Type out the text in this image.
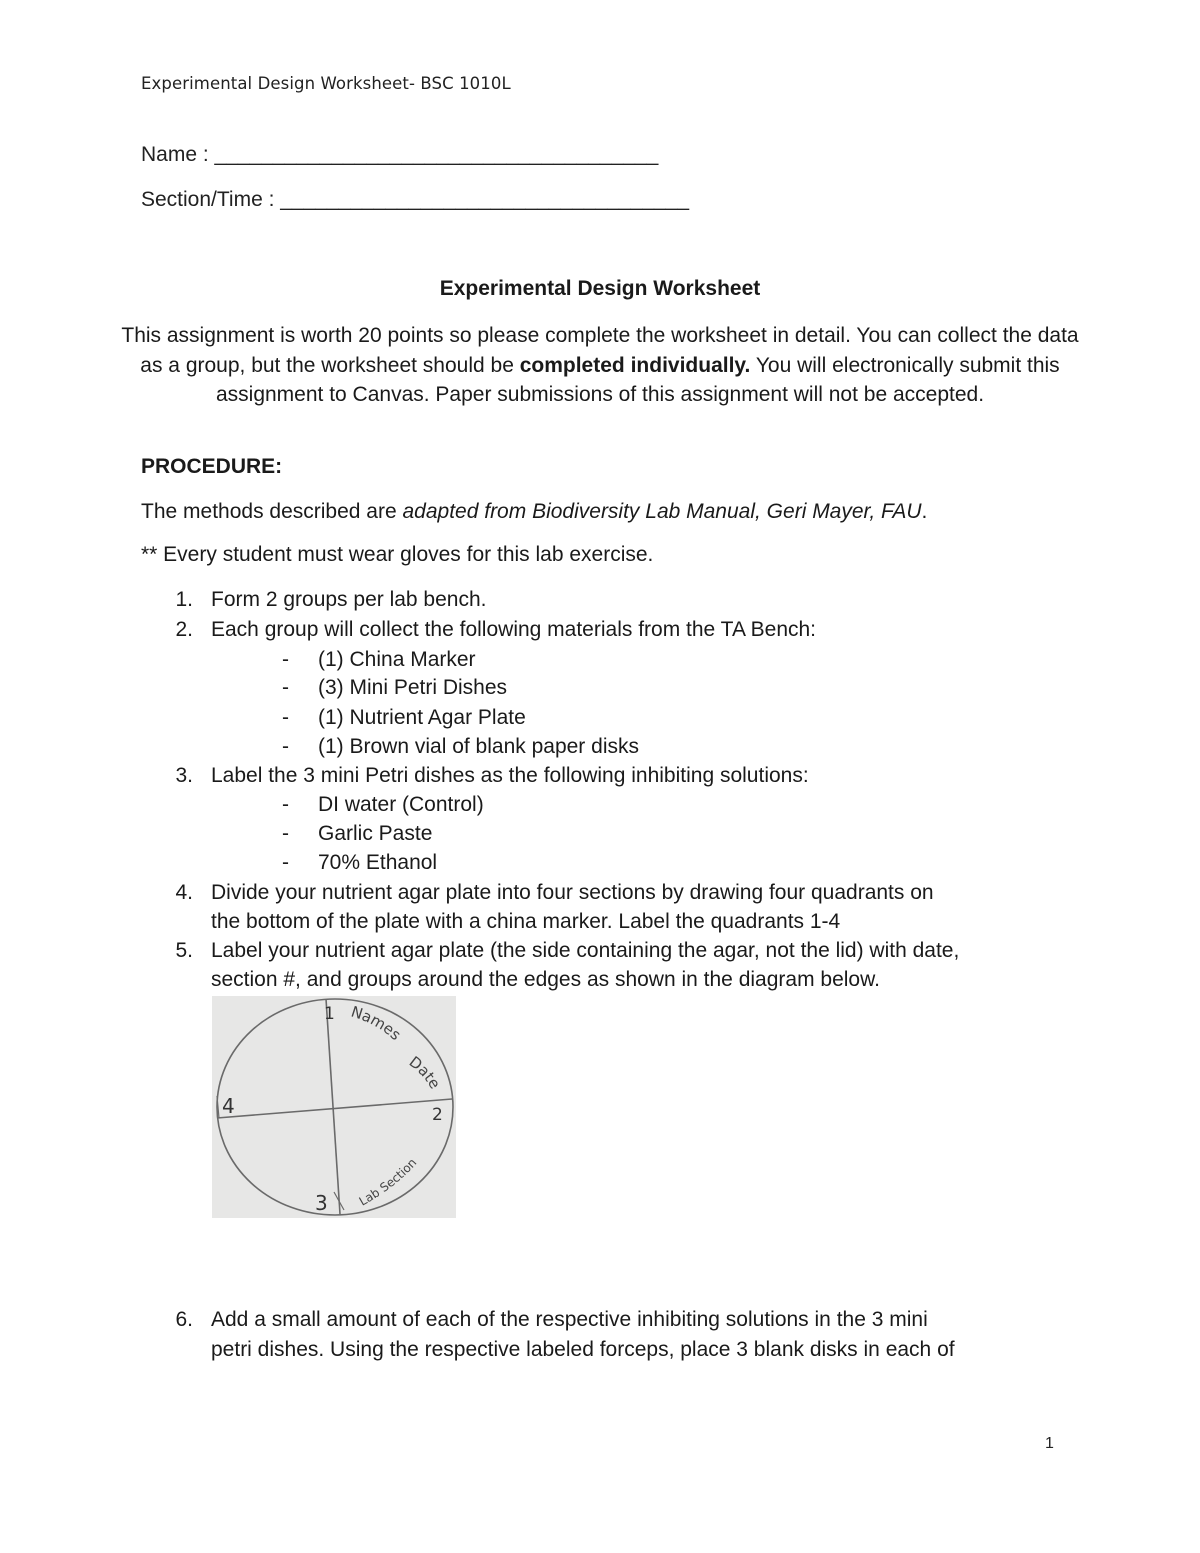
Experimental Design Worksheet- BSC 1010L
Name : ______________________________________
Section/Time : ___________________________________
Experimental Design Worksheet
This assignment is worth 20 points so please complete the worksheet in detail. You can collect the data as a group, but the worksheet should be completed individually. You will electronically submit this assignment to Canvas. Paper submissions of this assignment will not be accepted.
PROCEDURE:
The methods described are adapted from Biodiversity Lab Manual, Geri Mayer, FAU.
** Every student must wear gloves for this lab exercise.
1. Form 2 groups per lab bench.
2. Each group will collect the following materials from the TA Bench:
- (1) China Marker
- (3) Mini Petri Dishes
- (1) Nutrient Agar Plate
- (1) Brown vial of blank paper disks
3. Label the 3 mini Petri dishes as the following inhibiting solutions:
- DI water (Control)
- Garlic Paste
- 70% Ethanol
4. Divide your nutrient agar plate into four sections by drawing four quadrants on
the bottom of the plate with a china marker. Label the quadrants 1-4
5. Label your nutrient agar plate (the side containing the agar, not the lid) with date,
section #, and groups around the edges as shown in the diagram below.
1
2
3
4
Names
Date
Lab Section
6. Add a small amount of each of the respective inhibiting solutions in the 3 mini
petri dishes. Using the respective labeled forceps, place 3 blank disks in each of
1
